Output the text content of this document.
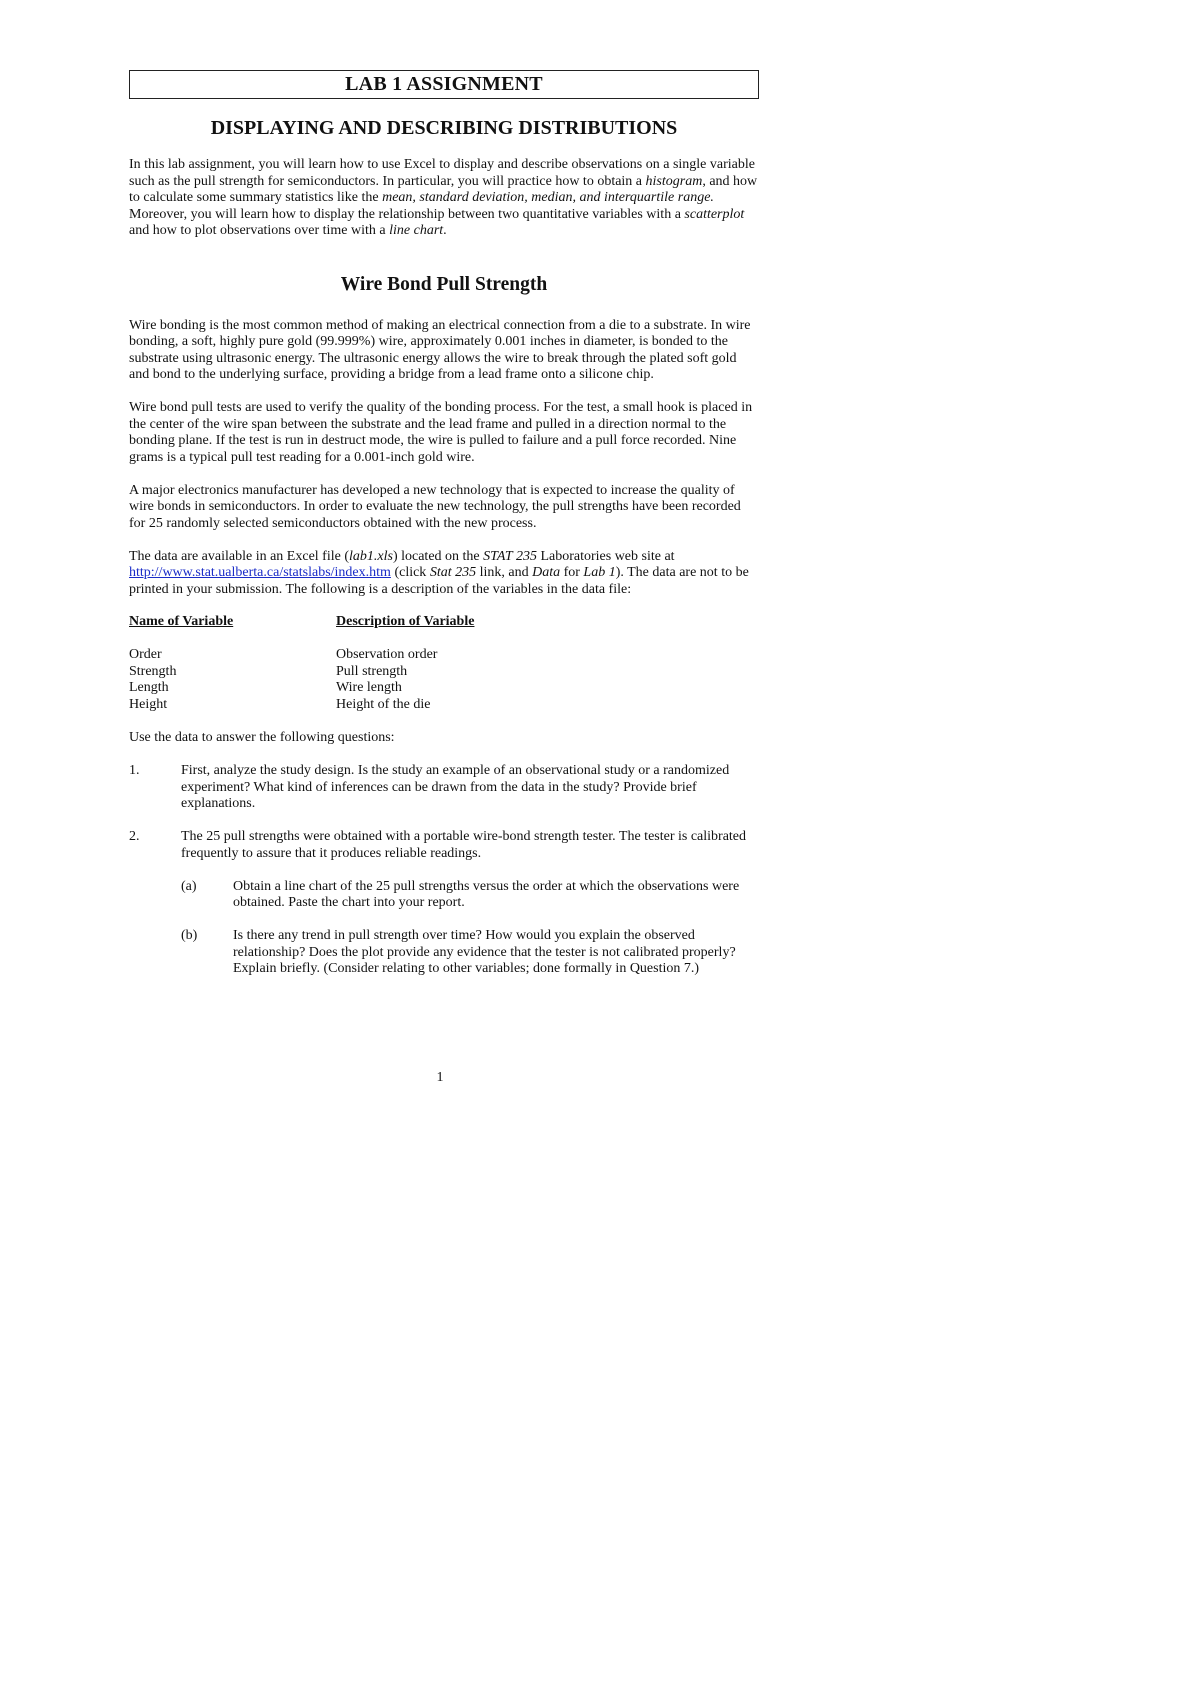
LAB 1 ASSIGNMENT
DISPLAYING AND DESCRIBING DISTRIBUTIONS

In this lab assignment, you will learn how to use Excel to display and describe observations on a single variable such as the pull strength for semiconductors. In particular, you will practice how to obtain a histogram, and how to calculate some summary statistics like the mean, standard deviation, median, and interquartile range. Moreover, you will learn how to display the relationship between two quantitative variables with a scatterplot and how to plot observations over time with a line chart.

Wire Bond Pull Strength

Wire bonding is the most common method of making an electrical connection from a die to a substrate. In wire bonding, a soft, highly pure gold (99.999%) wire, approximately 0.001 inches in diameter, is bonded to the substrate using ultrasonic energy. The ultrasonic energy allows the wire to break through the plated soft gold and bond to the underlying surface, providing a bridge from a lead frame onto a silicone chip.

Wire bond pull tests are used to verify the quality of the bonding process. For the test, a small hook is placed in the center of the wire span between the substrate and the lead frame and pulled in a direction normal to the bonding plane. If the test is run in destruct mode, the wire is pulled to failure and a pull force recorded. Nine grams is a typical pull test reading for a 0.001-inch gold wire.

A major electronics manufacturer has developed a new technology that is expected to increase the quality of wire bonds in semiconductors. In order to evaluate the new technology, the pull strengths have been recorded for 25 randomly selected semiconductors obtained with the new process.

The data are available in an Excel file (lab1.xls) located on the STAT 235 Laboratories web site at http://www.stat.ualberta.ca/statslabs/index.htm (click Stat 235 link, and Data for Lab 1). The data are not to be printed in your submission. The following is a description of the variables in the data file:

Name of Variable	Description of Variable
Order	Observation order
Strength	Pull strength
Length	Wire length
Height	Height of the die

Use the data to answer the following questions:

1.	First, analyze the study design. Is the study an example of an observational study or a randomized experiment? What kind of inferences can be drawn from the data in the study? Provide brief explanations.
2.	The 25 pull strengths were obtained with a portable wire-bond strength tester. The tester is calibrated frequently to assure that it produces reliable readings.
(a)	Obtain a line chart of the 25 pull strengths versus the order at which the observations were obtained. Paste the chart into your report.
(b)	Is there any trend in pull strength over time? How would you explain the observed relationship? Does the plot provide any evidence that the tester is not calibrated properly? Explain briefly. (Consider relating to other variables; done formally in Question 7.)
1
